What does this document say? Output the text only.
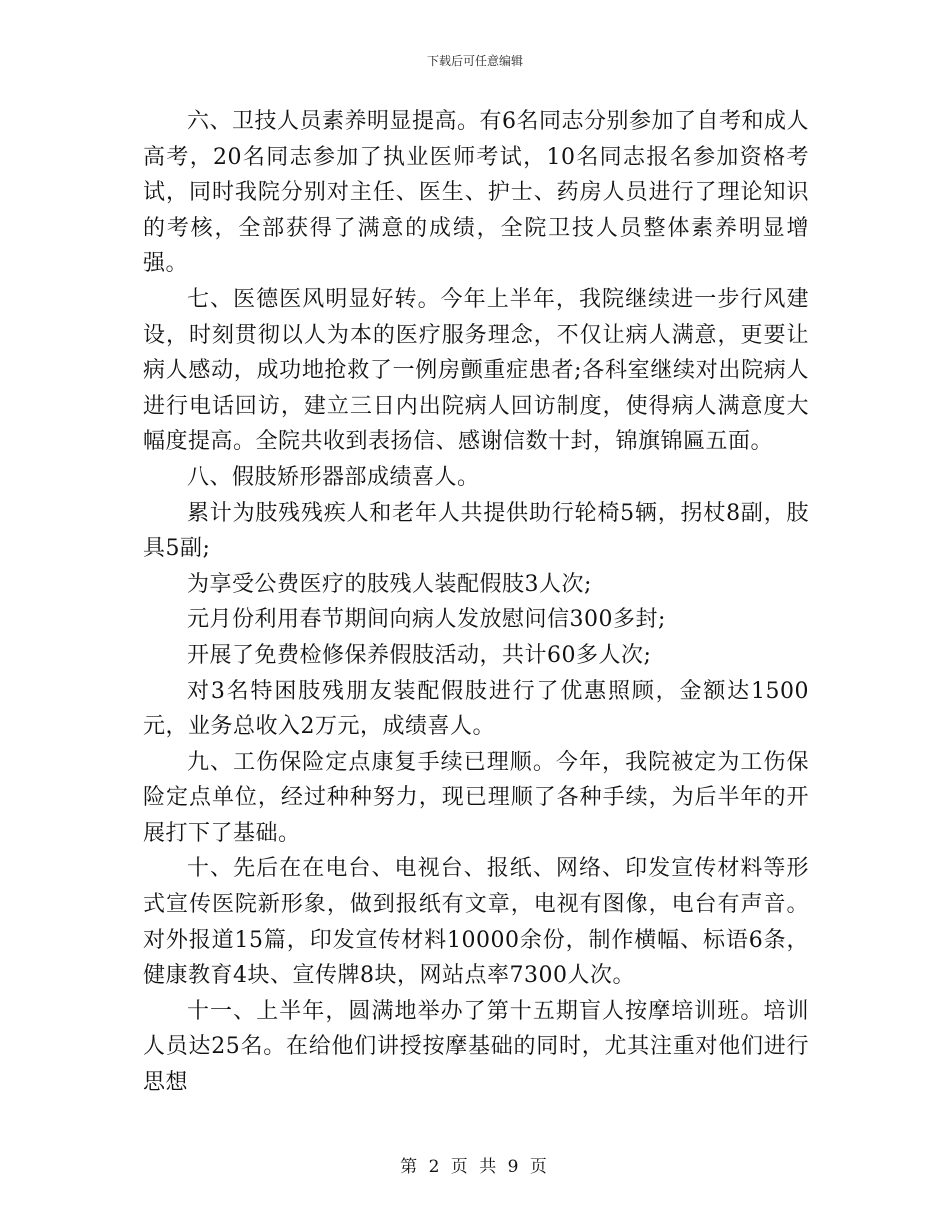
下载后可任意编辑

六、卫技人员素养明显提高。有6名同志分别参加了自考和成人高考，20名同志参加了执业医师考试，10名同志报名参加资格考试，同时我院分别对主任、医生、护士、药房人员进行了理论知识的考核，全部获得了满意的成绩，全院卫技人员整体素养明显增强。

七、医德医风明显好转。今年上半年，我院继续进一步行风建设，时刻贯彻以人为本的医疗服务理念，不仅让病人满意，更要让病人感动，成功地抢救了一例房颤重症患者;各科室继续对出院病人进行电话回访，建立三日内出院病人回访制度，使得病人满意度大幅度提高。全院共收到表扬信、感谢信数十封，锦旗锦匾五面。

八、假肢矫形器部成绩喜人。

累计为肢残残疾人和老年人共提供助行轮椅5辆，拐杖8副，肢具5副;

为享受公费医疗的肢残人装配假肢3人次;

元月份利用春节期间向病人发放慰问信300多封;

开展了免费检修保养假肢活动，共计60多人次;

对3名特困肢残朋友装配假肢进行了优惠照顾，金额达1500元，业务总收入2万元，成绩喜人。

九、工伤保险定点康复手续已理顺。今年，我院被定为工伤保险定点单位，经过种种努力，现已理顺了各种手续，为后半年的开展打下了基础。

十、先后在在电台、电视台、报纸、网络、印发宣传材料等形式宣传医院新形象，做到报纸有文章，电视有图像，电台有声音。对外报道15篇，印发宣传材料10000余份，制作横幅、标语6条，健康教育4块、宣传牌8块，网站点率7300人次。

十一、上半年，圆满地举办了第十五期盲人按摩培训班。培训人员达25名。在给他们讲授按摩基础的同时，尤其注重对他们进行思想

第 2 页 共 9 页
